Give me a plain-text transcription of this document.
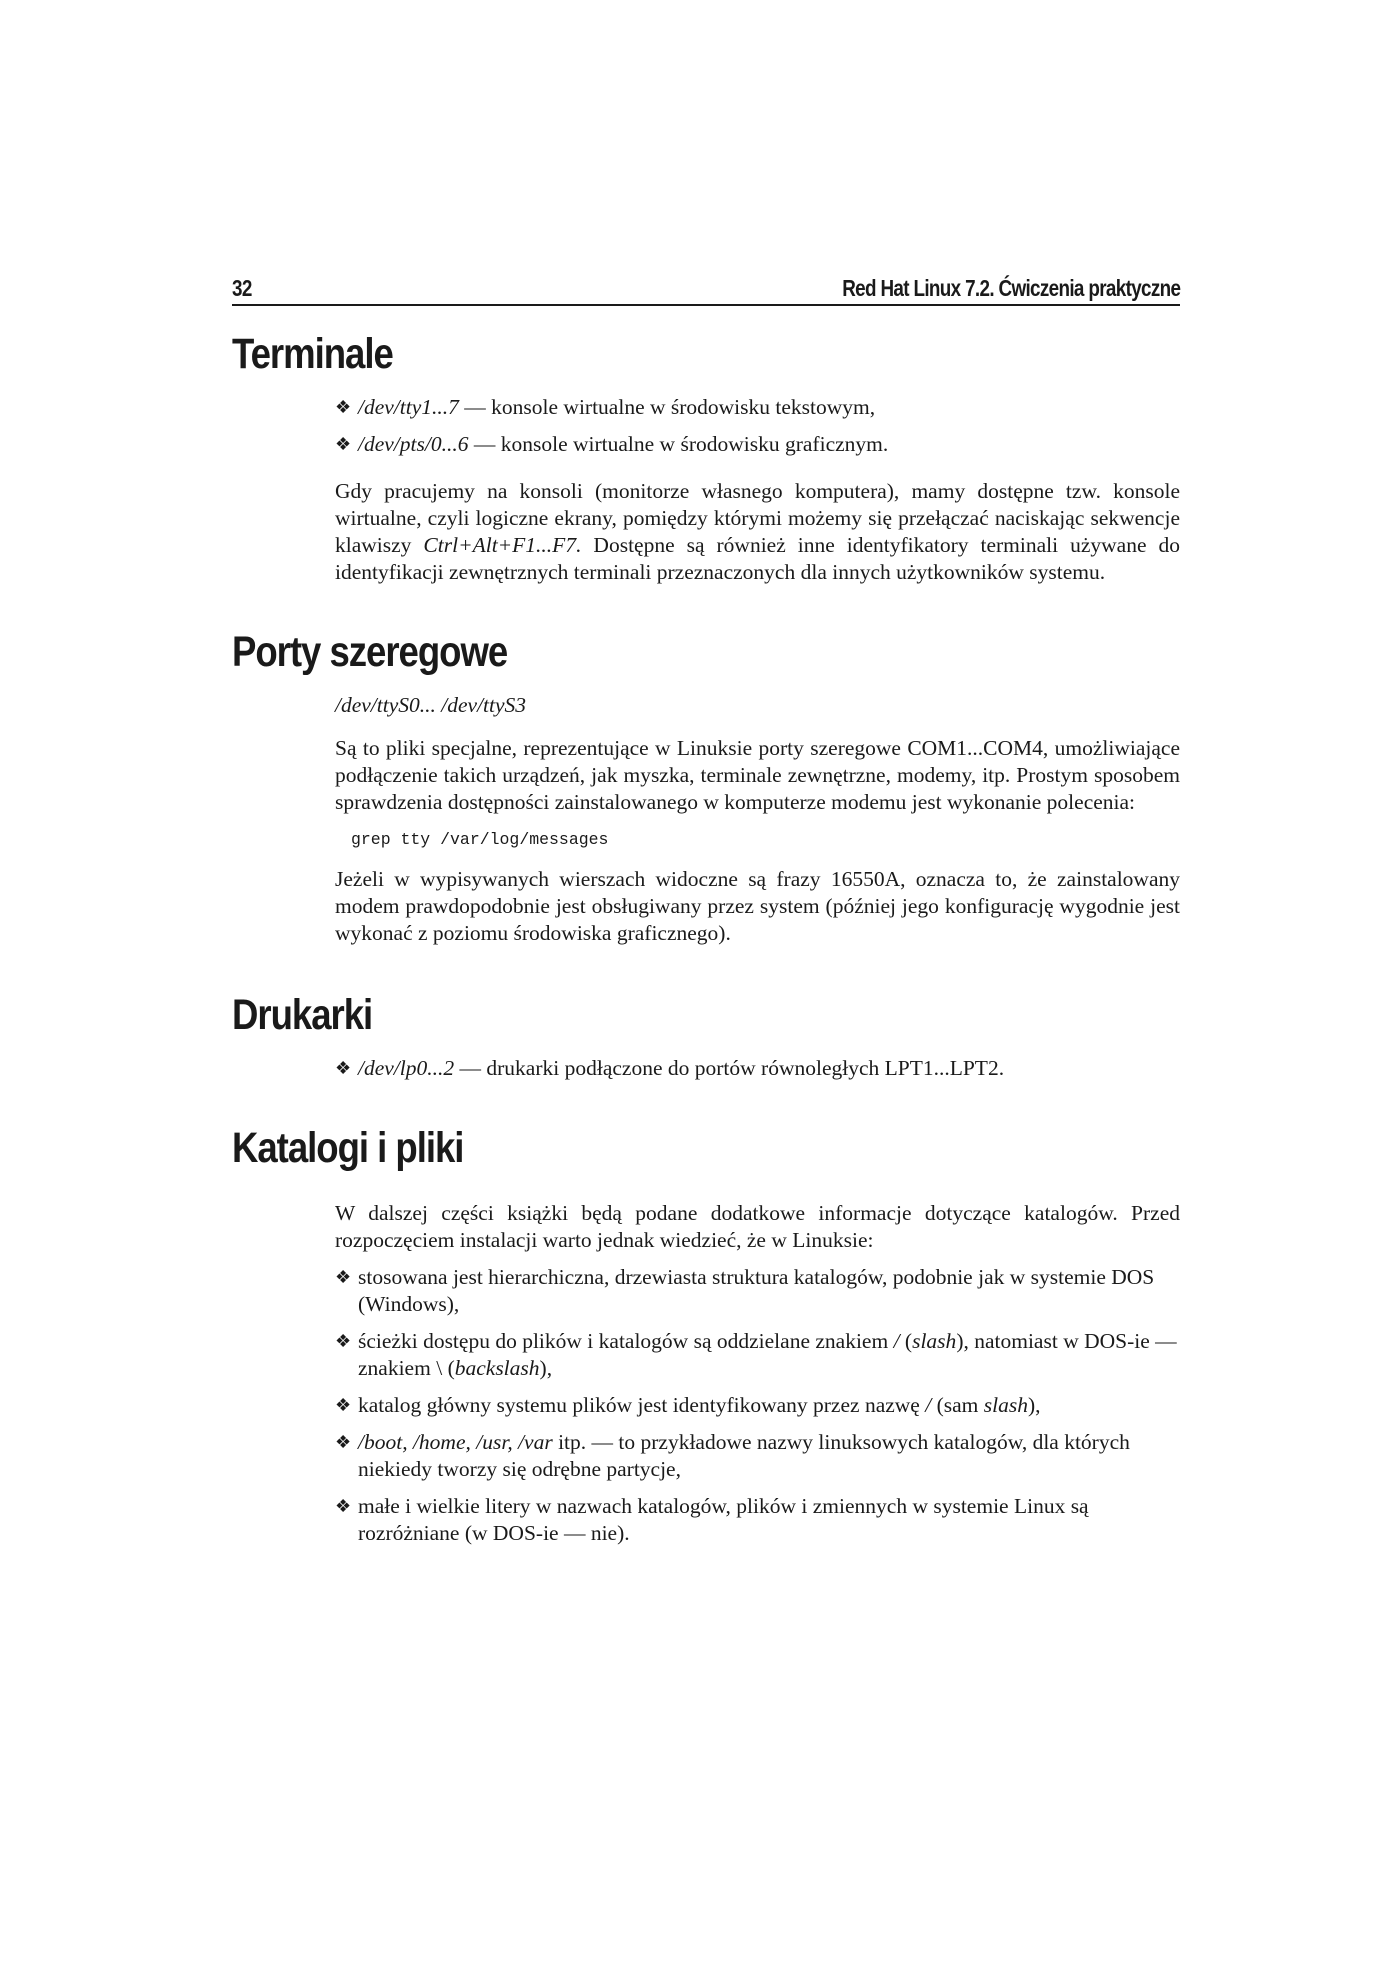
32	Red Hat Linux 7.2. Ćwiczenia praktyczne
Terminale
❖ /dev/tty1...7 — konsole wirtualne w środowisku tekstowym,
❖ /dev/pts/0...6 — konsole wirtualne w środowisku graficznym.

Gdy pracujemy na konsoli (monitorze własnego komputera), mamy dostępne tzw. konsole wirtualne, czyli logiczne ekrany, pomiędzy którymi możemy się przełączać naciskając sekwencje klawiszy Ctrl+Alt+F1...F7. Dostępne są również inne identyfikatory terminali używane do identyfikacji zewnętrznych terminali przeznaczonych dla innych użytkowników systemu.

Porty szeregowe

/dev/ttyS0... /dev/ttyS3

Są to pliki specjalne, reprezentujące w Linuksie porty szeregowe COM1...COM4, umożliwiające podłączenie takich urządzeń, jak myszka, terminale zewnętrzne, modemy, itp. Prostym sposobem sprawdzenia dostępności zainstalowanego w komputerze modemu jest wykonanie polecenia:

grep tty /var/log/messages

Jeżeli w wypisywanych wierszach widoczne są frazy 16550A, oznacza to, że zainstalowany modem prawdopodobnie jest obsługiwany przez system (później jego konfigurację wygodnie jest wykonać z poziomu środowiska graficznego).

Drukarki
❖ /dev/lp0...2 — drukarki podłączone do portów równoległych LPT1...LPT2.
Katalogi i pliki

W dalszej części książki będą podane dodatkowe informacje dotyczące katalogów. Przed rozpoczęciem instalacji warto jednak wiedzieć, że w Linuksie:

❖ stosowana jest hierarchiczna, drzewiasta struktura katalogów, podobnie jak w systemie DOS (Windows),
❖ ścieżki dostępu do plików i katalogów są oddzielane znakiem / (slash), natomiast w DOS-ie — znakiem \ (backslash),
❖ katalog główny systemu plików jest identyfikowany przez nazwę / (sam slash),
❖ /boot, /home, /usr, /var itp. — to przykładowe nazwy linuksowych katalogów, dla których niekiedy tworzy się odrębne partycje,
❖ małe i wielkie litery w nazwach katalogów, plików i zmiennych w systemie Linux są rozróżniane (w DOS-ie — nie).
